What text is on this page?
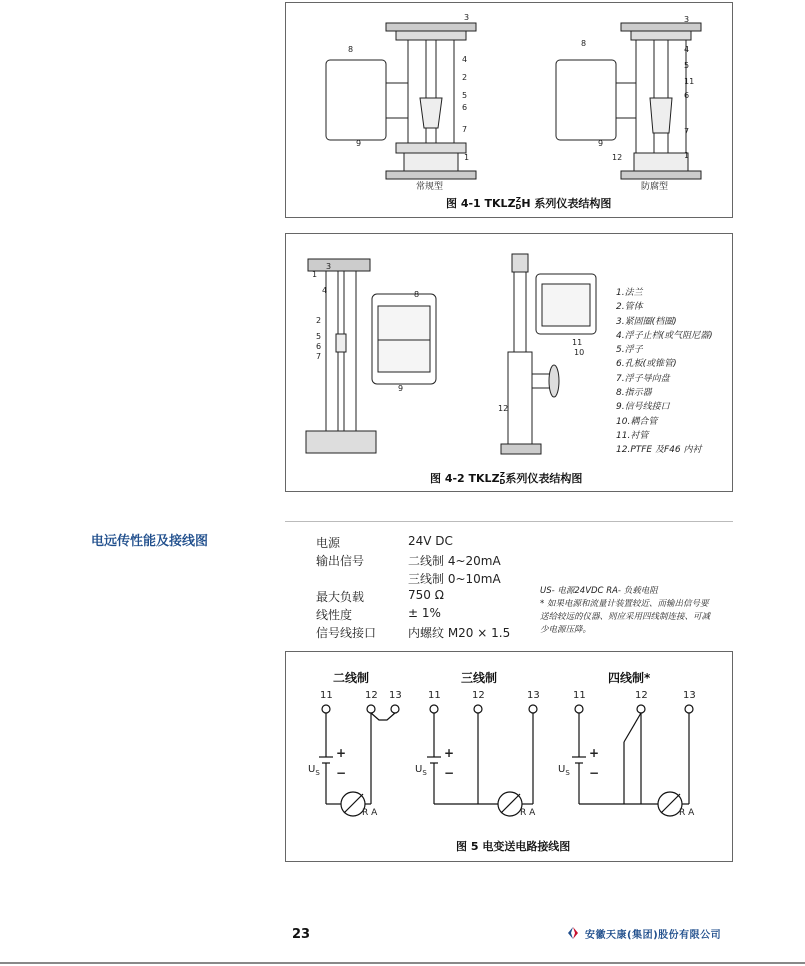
3
4
2
5
6
7
8
9
1
3
4
5
6
11
12
7
8
9
1
常规型	防腐型
图 4-1 TKLZ Z
D H 系列仪表结构图
1
2
3
4
5
6
7
8
9
10
11
12
1.法兰
2.管体
3.紧固圈(档圈)
4.浮子止档(或气阻尼器)
5.浮子
6.孔板(或锥管)
7.浮子导向盘
8.指示器
9.信号线接口
10.耦合管
11.衬管
12.PTFE 及F46 内衬
图 4-2 TKLZ Z
D 系列仪表结构图
电远传性能及接线图	电源	24V DC
输出信号	二线制 4~20mA
三线制 0~10mA
最大负载	750 Ω
线性度	± 1%
信号线接口	内螺纹 M20 × 1.5
US- 电源24VDC RA- 负载电阻
* 如果电源和流量计装置较近、而输出信号要
送给较远的仪器、则应采用四线制连接、可减
少电源压降。
二线制	三线制	四线制*
11	12 13	11	12	13	11	12	13
$U_S$
+
−	$U_S$
+
−	$U_S$
+
−
R A	R A	R A
图 5 电变送电路接线图
23	安徽天康(集团)股份有限公司
